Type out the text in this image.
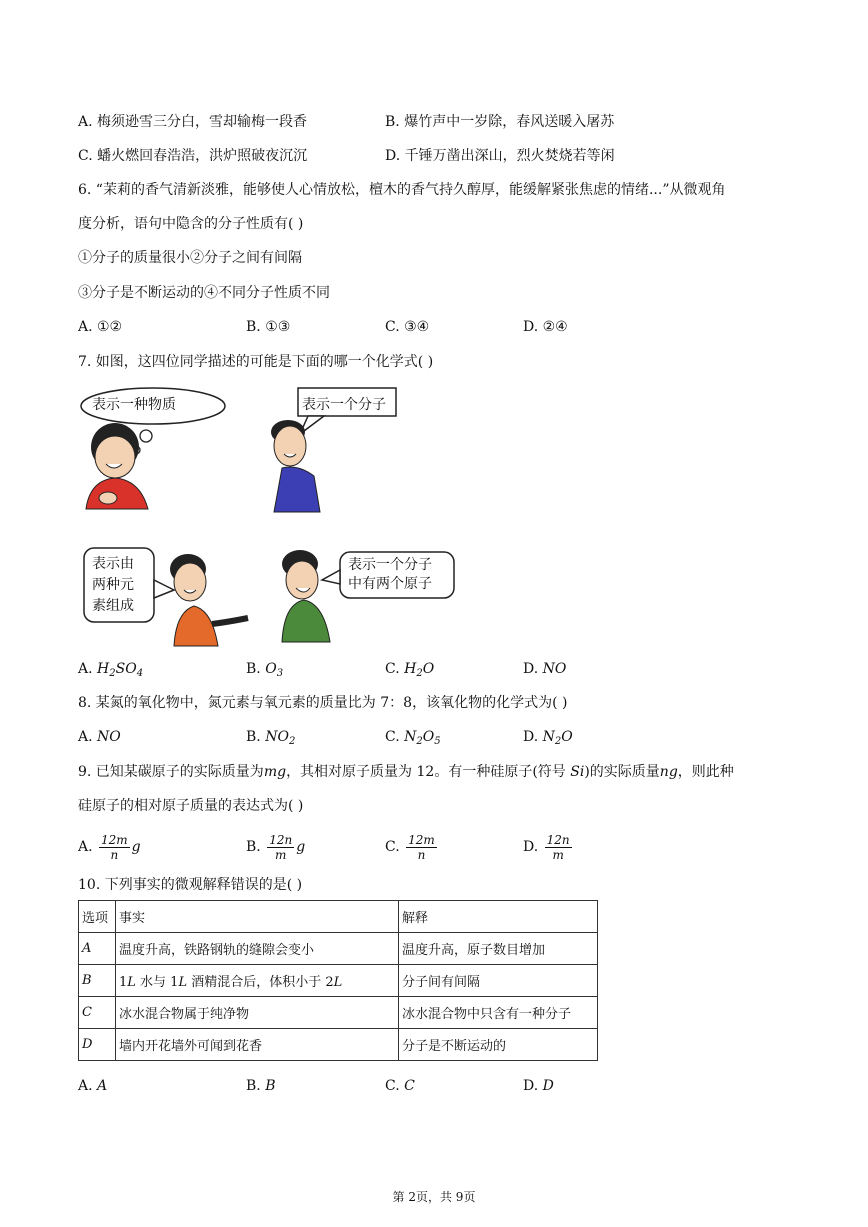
A. 梅须逊雪三分白，雪却输梅一段香	B. 爆竹声中一岁除，春风送暖入屠苏
C. 蟠火燃回春浩浩，洪炉照破夜沉沉	D. 千锤万凿出深山，烈火焚烧若等闲
6. “茉莉的香气清新淡雅，能够使人心情放松，檀木的香气持久醇厚，能缓解紧张焦虑的情绪...”从微观角
度分析，语句中隐含的分子性质有( )
①分子的质量很小②分子之间有间隔
③分子是不断运动的④不同分子性质不同
A. ①②	B. ①③	C. ③④	D. ②④
7. 如图，这四位同学描述的可能是下面的哪一个化学式( )
表示一种物质	表示一个分子
表示由
两种元
素组成
表示一个分子
中有两个原子
A. $H_2SO_4$	B. $O_3$	C. $H_2O$	D. NO
8. 某氮的氧化物中，氮元素与氧元素的质量比为 7：8，该氧化物的化学式为( )
A. NO	B. $NO_2$	C. $N_2O_5$	D. $N_2O$
9. 已知某碳原子的实际质量为mg，其相对原子质量为 12。有一种硅原子(符号 Si)的实际质量ng，则此种
硅原子的相对原子质量的表达式为( )
A. $\frac{12m}{n}$ g	B. $\frac{12n}{m}$ g	C. $\frac{12m}{n}$	D. $\frac{12n}{m}$
10. 下列事实的微观解释错误的是( )
选项	事实	解释
A	温度升高，铁路钢轨的缝隙会变小	温度升高，原子数目增加
B	1L 水与 1L 酒精混合后，体积小于 2L	分子间有间隔
C	冰水混合物属于纯净物	冰水混合物中只含有一种分子
D	墙内开花墙外可闻到花香	分子是不断运动的
A. A	B. B	C. C	D. D
第 2页，共 9页
